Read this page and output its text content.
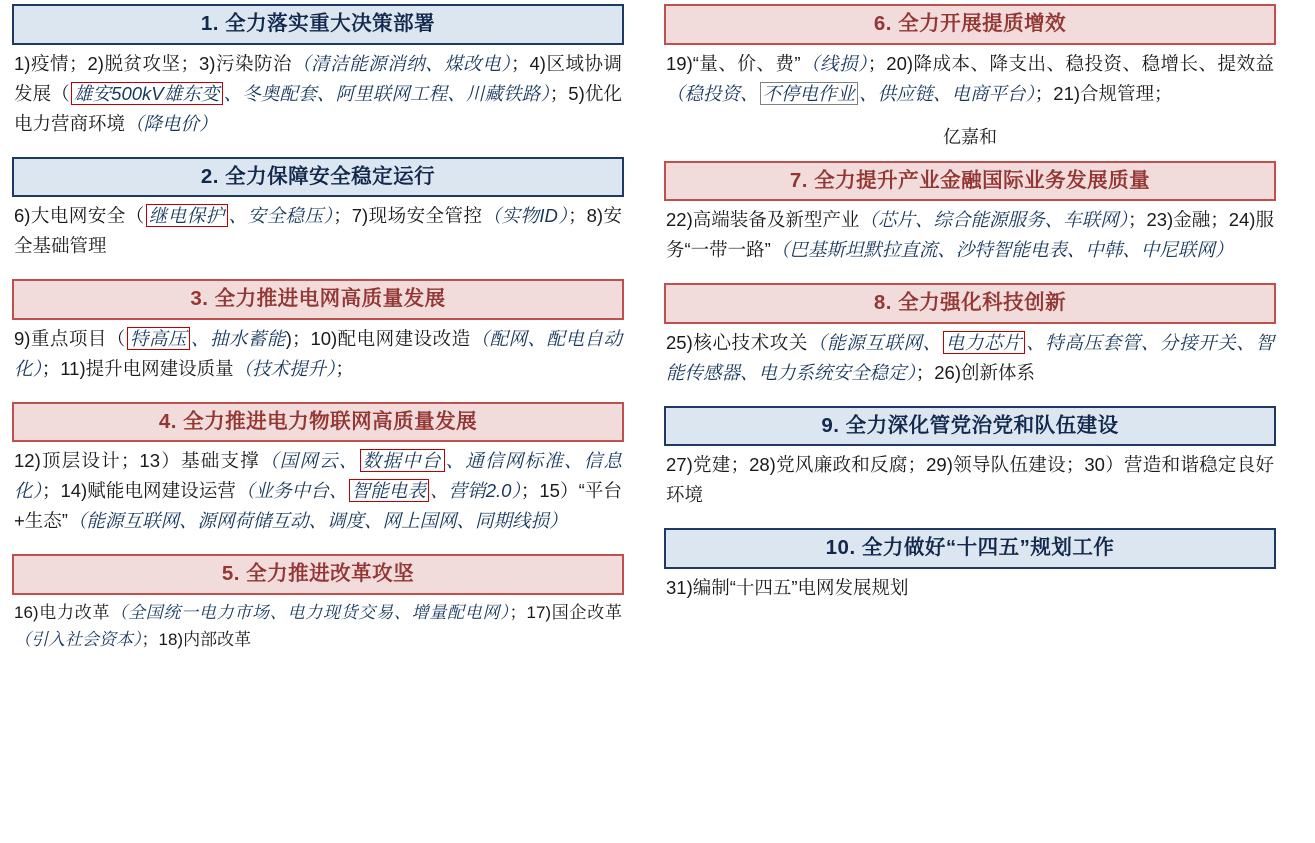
1. 全力落实重大决策部署
1)疫情；2)脱贫攻坚；3)污染防治（清洁能源消纳、煤改电）；4)区域协调发展（ 雄安500kV雄东变 、冬奥配套、阿里联网工程、川藏铁路）；5)优化电力营商环境（降电价）
2. 全力保障安全稳定运行
6)大电网安全（ 继电保护 、安全稳压）；7)现场安全管控（实物ID）；8)安全基础管理
3. 全力推进电网高质量发展
9)重点项目（ 特高压 、抽水蓄能)；10)配电网建设改造（配网、配电自动化）；11)提升电网建设质量（技术提升）；
4. 全力推进电力物联网高质量发展
12)顶层设计；13）基础支撑（国网云、 数据中台 、通信网标准、信息化）；14)赋能电网建设运营（业务中台、 智能电表 、营销2.0）；15）“平台+生态”（能源互联网、源网荷储互动、调度、网上国网、同期线损）
5. 全力推进改革攻坚
16)电力改革（全国统一电力市场、电力现货交易、增量配电网）；17)国企改革（引入社会资本）；18)内部改革
6. 全力开展提质增效
19)“量、价、费”（线损）；20)降成本、降支出、稳投资、稳增长、提效益（稳投资、 不停电作业 、供应链、电商平台）；21)合规管理；
亿嘉和
7. 全力提升产业金融国际业务发展质量
22)高端装备及新型产业（芯片、综合能源服务、车联网）；23)金融；24)服务“一带一路”（巴基斯坦默拉直流、沙特智能电表、中韩、中尼联网）
8. 全力强化科技创新
25)核心技术攻关（能源互联网、 电力芯片 、特高压套管、分接开关、智能传感器、电力系统安全稳定）；26)创新体系
9. 全力深化管党治党和队伍建设
27)党建；28)党风廉政和反腐；29)领导队伍建设；30）营造和谐稳定良好环境
10. 全力做好“十四五”规划工作
31)编制“十四五”电网发展规划
